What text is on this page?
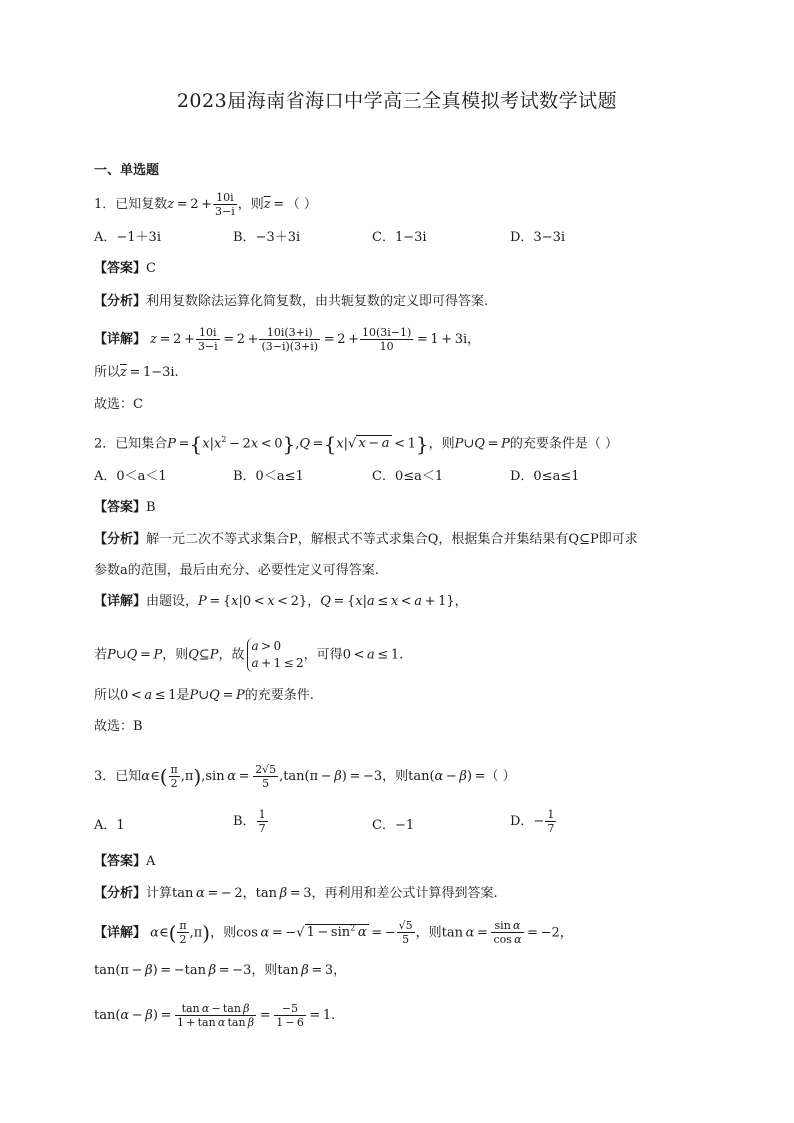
2023届海南省海口中学高三全真模拟考试数学试题
一、单选题
1．已知复数$z = 2 + \frac{10i}{3-i}$ ，则$\overline{z}$ = （ ）
A．−1＋3i	B．−3＋3i	C．1−3i	D．3−3i
【答案】C
【分析】利用复数除法运算化简复数，由共轭复数的定义即可得答案.
【详解】 $z = 2 + \frac{10i}{3-i} = 2 + \frac{10i(3+i)}{(3-i)(3+i)} = 2 + \frac{10(3i-1)}{10} = 1 + 3i$，
所以$\overline{z} = 1-3i$.
故选：C
2．已知集合$P =\{x|x^2 - 2x < 0\},Q =\{x|√$ x − a < 1}，则P∪Q = P的充要条件是（ ）
A．0＜a＜1	B．0＜a≤1	C．0≤a＜1	D．0≤a≤1
【答案】B
【分析】解一元二次不等式求集合P，解根式不等式求集合Q，根据集合并集结果有Q⊆P即可求
参数a的范围，最后由充分、必要性定义可得答案.
【详解】由题设，P = {x|0 < x < 2}，Q = {x|a ≤ x < a + 1}，
若P∪Q = P，则Q⊆P，故
a > 0
a + 1 ≤ 2
，可得0 < a ≤ 1.
所以0 < a ≤ 1是P∪Q = P的充要条件.
故选：B
3．已知α∈( $\frac{\pi}{2} ,\pi),\sin$ $\alpha = \frac{2√5}{5} ,\tan(\pi - \beta) = -3$，则tan(α − β) =（ ）
A．1	B． $\frac{1}{7}$	C．−1	D．− $\frac{1}{7}$
【答案】A
【分析】计算tan α = − 2，tan β = 3，再利用和差公式计算得到答案.
【详解】 α∈( $\frac{\pi}{2} ,\pi$)，则cos α = −√ $1 - \sin^2 \alpha$ = − $\frac{√5}{5}$ ，则$\tan \alpha = \frac{\text{sin α}}{\text{cos α}} = -2$，
tan(π − β) = −tan β = −3，则tan β = 3，
$\tan(\alpha - \beta) = \frac{\text{tan α − tan β}}{\text{1 + tan α tan β}} = \frac{-5}{1 - 6} = 1$.
